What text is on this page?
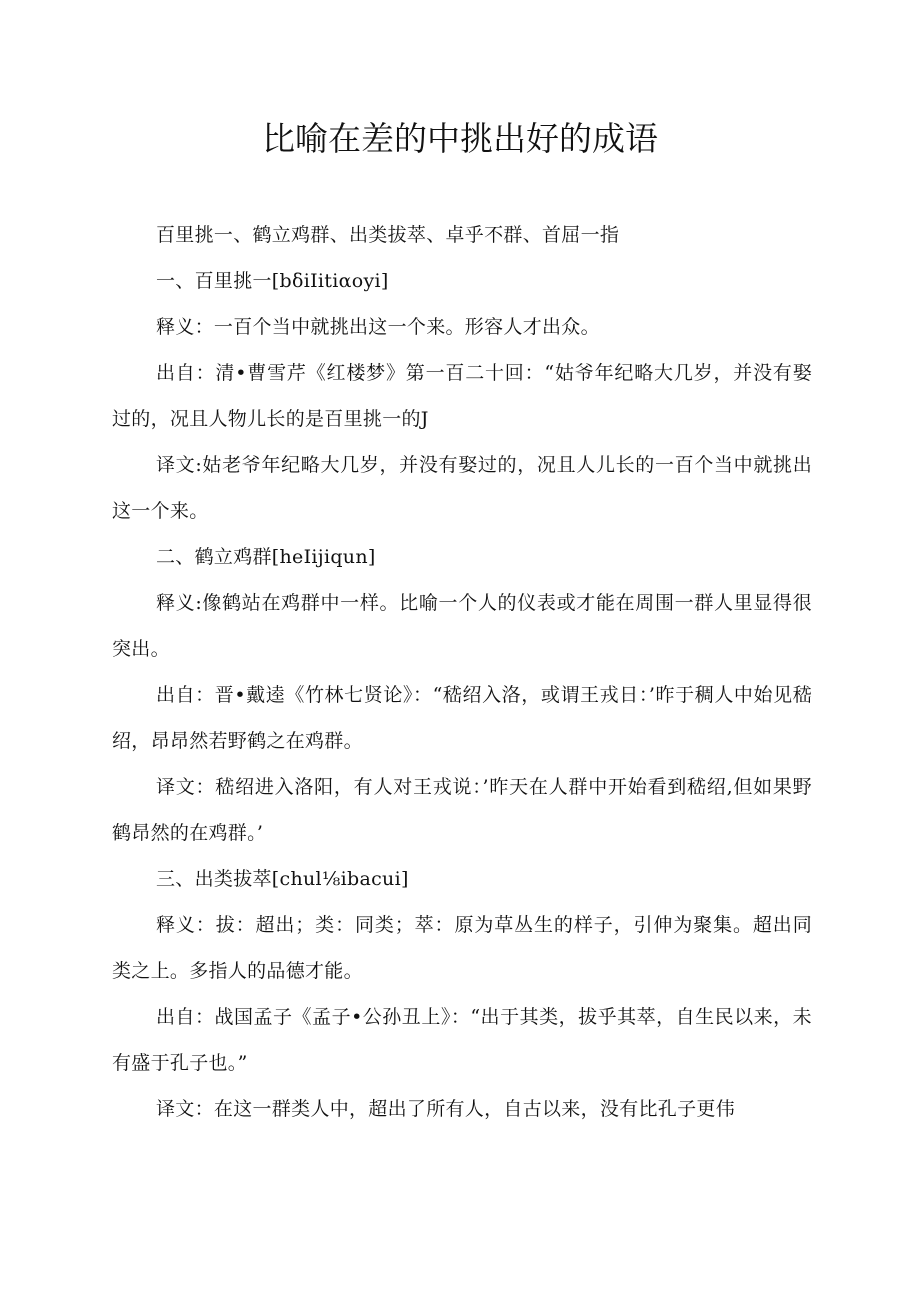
比喻在差的中挑出好的成语

百里挑一、鹤立鸡群、出类拔萃、卓乎不群、首屈一指

一、百里挑一[bδiIitiαoyi]

释义：一百个当中就挑出这一个来。形容人才出众。

出自：清•曹雪芹《红楼梦》第一百二十回：“姑爷年纪略大几岁，并没有娶过的，况且人物儿长的是百里挑一的J

译文:姑老爷年纪略大几岁，并没有娶过的，况且人儿长的一百个当中就挑出这一个来。

二、鹤立鸡群[heIijiqun]

释义:像鹤站在鸡群中一样。比喻一个人的仪表或才能在周围一群人里显得很突出。

出自：晋•戴逵《竹林七贤论》：“嵇绍入洛，或谓王戎日：’昨于稠人中始见嵇绍，昂昂然若野鹤之在鸡群。

译文：嵇绍进入洛阳，有人对王戎说：’昨天在人群中开始看到嵇绍,但如果野鹤昂然的在鸡群。’

三、出类拔萃[chul⅛ibacui]

释义：拔：超出；类：同类；萃：原为草丛生的样子，引伸为聚集。超出同类之上。多指人的品德才能。

出自：战国孟子《孟子•公孙丑上》：“出于其类，拔乎其萃，自生民以来，未有盛于孔子也。”

译文：在这一群类人中，超出了所有人，自古以来，没有比孔子更伟
